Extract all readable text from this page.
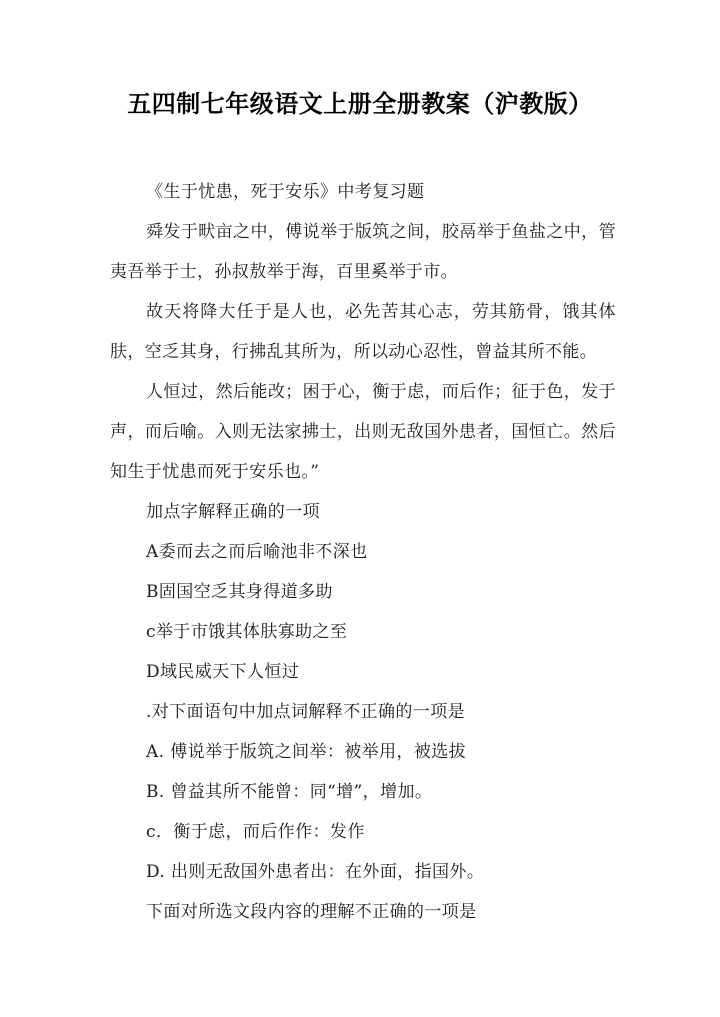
五四制七年级语文上册全册教案（沪教版）

《生于忧患，死于安乐》中考复习题

舜发于畎亩之中，傅说举于版筑之间，胶鬲举于鱼盐之中，管夷吾举于士，孙叔敖举于海，百里奚举于市。

故天将降大任于是人也，必先苦其心志，劳其筋骨，饿其体肤，空乏其身，行拂乱其所为，所以动心忍性，曾益其所不能。

人恒过，然后能改；困于心，衡于虑，而后作；征于色，发于声，而后喻。入则无法家拂士，出则无敌国外患者，国恒亡。然后知生于忧患而死于安乐也。”

加点字解释正确的一项

A委而去之而后喻池非不深也

B固国空乏其身得道多助

c举于市饿其体肤寡助之至

D域民威天下人恒过

.对下面语句中加点词解释不正确的一项是

A. 傅说举于版筑之间举：被举用，被选拔

B. 曾益其所不能曾：同“增”，增加。

c．衡于虑，而后作作：发作

D. 出则无敌国外患者出：在外面，指国外。

下面对所选文段内容的理解不正确的一项是
